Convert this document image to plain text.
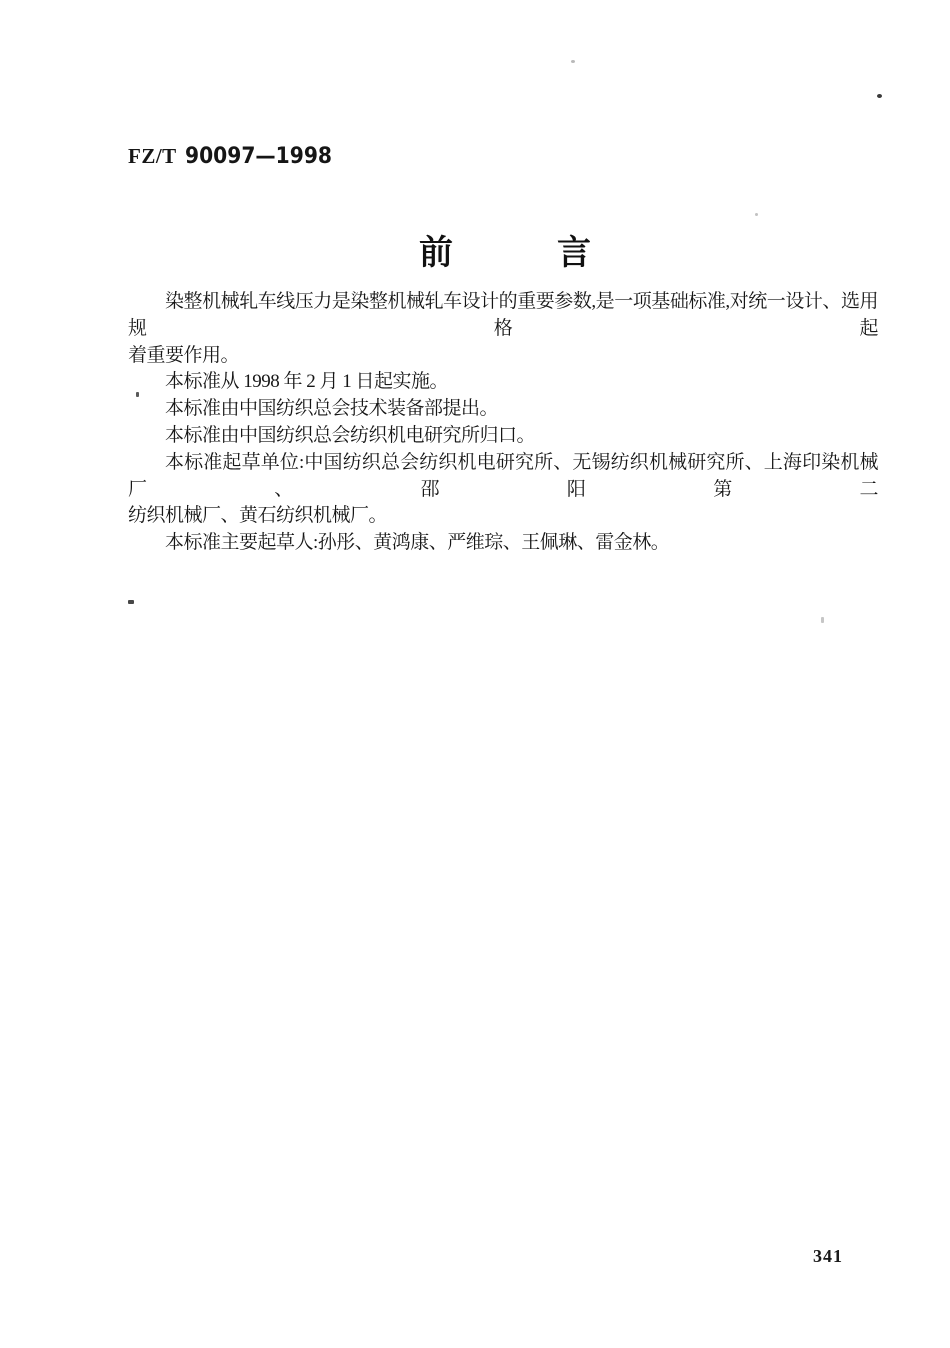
FZ/T 90097—1998
前	言

染整机械轧车线压力是染整机械轧车设计的重要参数,是一项基础标准,对统一设计、选用规格起

着重要作用。

本标准从 1998 年 2 月 1 日起实施。

本标准由中国纺织总会技术装备部提出。

本标准由中国纺织总会纺织机电研究所归口。

本标准起草单位:中国纺织总会纺织机电研究所、无锡纺织机械研究所、上海印染机械厂、邵阳第二

纺织机械厂、黄石纺织机械厂。

本标准主要起草人:孙彤、黄鸿康、严维琮、王佩琳、雷金林。

341
